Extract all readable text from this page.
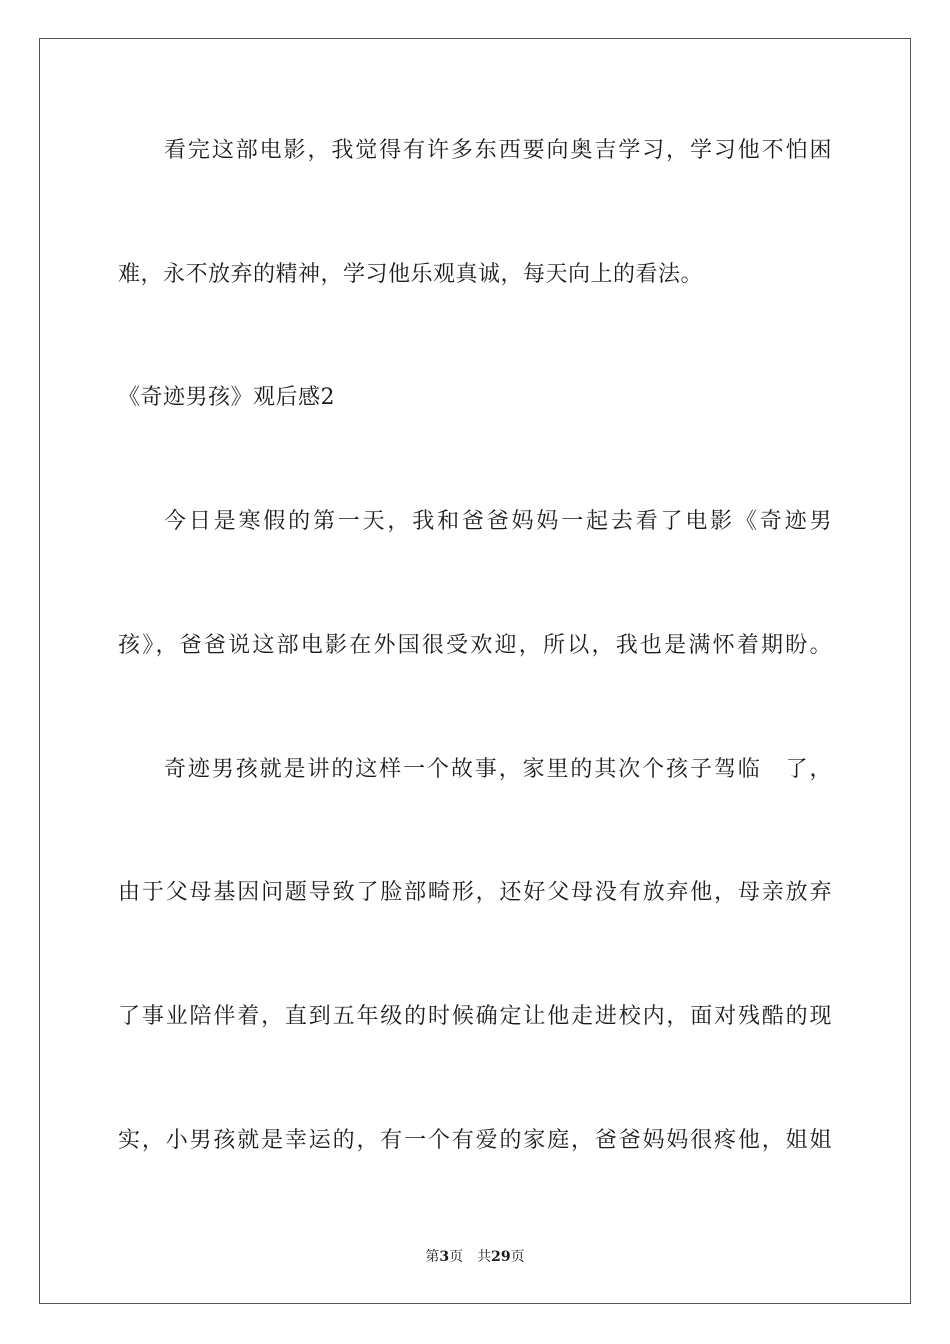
看完这部电影，我觉得有许多东西要向奥吉学习，学习他不怕困
难，永不放弃的精神，学习他乐观真诚，每天向上的看法。
《奇迹男孩》观后感2
今日是寒假的第一天，我和爸爸妈妈一起去看了电影《奇迹男
孩》，爸爸说这部电影在外国很受欢迎，所以，我也是满怀着期盼。
奇迹男孩就是讲的这样一个故事，家里的其次个孩子驾临　了，
由于父母基因问题导致了脸部畸形，还好父母没有放弃他，母亲放弃
了事业陪伴着，直到五年级的时候确定让他走进校内，面对残酷的现
实，小男孩就是幸运的，有一个有爱的家庭，爸爸妈妈很疼他，姐姐
第3页 共29页
